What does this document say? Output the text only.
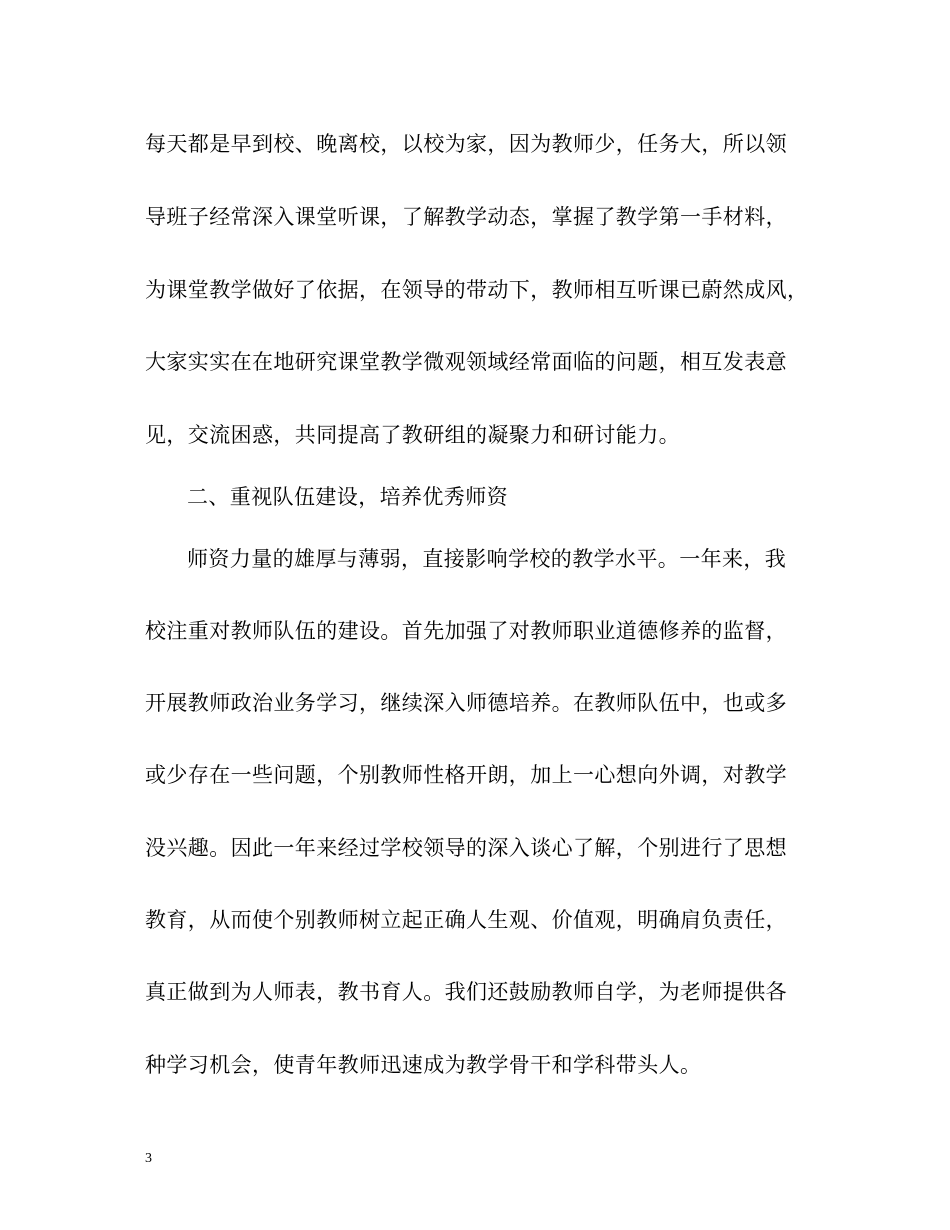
每天都是早到校、晚离校，以校为家，因为教师少，任务大，所以领
导班子经常深入课堂听课，了解教学动态，掌握了教学第一手材料，
为课堂教学做好了依据，在领导的带动下，教师相互听课已蔚然成风，
大家实实在在地研究课堂教学微观领域经常面临的问题，相互发表意
见，交流困惑，共同提高了教研组的凝聚力和研讨能力。
二、重视队伍建设，培养优秀师资
师资力量的雄厚与薄弱，直接影响学校的教学水平。一年来，我
校注重对教师队伍的建设。首先加强了对教师职业道德修养的监督，
开展教师政治业务学习，继续深入师德培养。在教师队伍中，也或多
或少存在一些问题，个别教师性格开朗，加上一心想向外调，对教学
没兴趣。因此一年来经过学校领导的深入谈心了解，个别进行了思想
教育，从而使个别教师树立起正确人生观、价值观，明确肩负责任，
真正做到为人师表，教书育人。我们还鼓励教师自学，为老师提供各
种学习机会，使青年教师迅速成为教学骨干和学科带头人。
3
